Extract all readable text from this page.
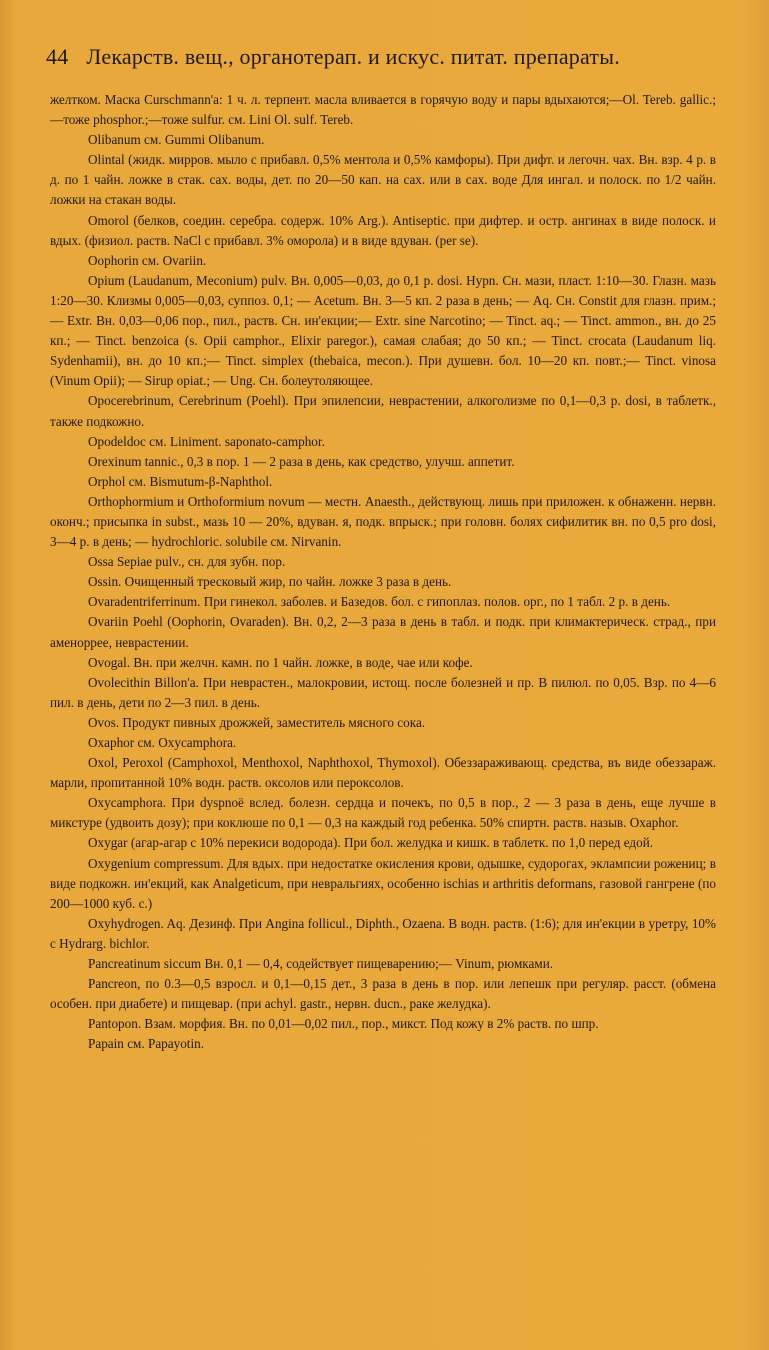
44 Лекарств. вещ., органотерап. и искус. питат. препараты.

желтком. Маска Curschmann'a: 1 ч. л. терпент. масла вливается в горячую воду и пары вдыхаются;—Ol. Tereb. gallic.;—тоже phosphor.;—тоже sulfur. см. Lini Ol. sulf. Tereb.

Olibanum см. Gummi Olibanum.

Olintal (жидк. мирров. мыло с прибавл. 0,5% ментола и 0,5% камфоры). При дифт. и легочн. чах. Вн. взр. 4 р. в д. по 1 чайн. ложке в стак. сах. воды, дет. по 20—50 кап. на сах. или в сах. воде Для ингал. и полоск. по 1/2 чайн. ложки на стакан воды.

Omorol (белков, соедин. серебра. содерж. 10% Arg.). Antiseptic. при дифтер. и остр. ангинах в виде полоск. и вдых. (физиол. раств. NaCl с прибавл. 3% оморола) и в виде вдуван. (per se).

Oophorin см. Ovariin.

Opium (Laudanum, Meconium) pulv. Вн. 0,005—0,03, до 0,1 р. dosi. Hypn. Сн. мази, пласт. 1:10—30. Глазн. мазь 1:20—30. Клизмы 0,005—0,03, суппоз. 0,1; — Acetum. Вн. 3—5 кп. 2 раза в день; — Aq. Сн. Constit для глазн. прим.; — Extr. Вн. 0,03—0,06 пор., пил., раств. Сн. ин'екции;— Extr. sine Narcotino; — Tinct. aq.; — Tinct. ammon., вн. до 25 кп.; — Tinct. benzoica (s. Opii camphor., Elixir paregor.), самая слабая; до 50 кп.; — Tinct. crocata (Laudanum liq. Sydenhamii), вн. до 10 кп.;— Tinct. simplex (thebaica, mecon.). При душевн. бол. 10—20 кп. повт.;— Tinct. vinosa (Vinum Opii); — Sirup opiat.; — Ung. Сн. болеутоляющее.

Opocerebrinum, Cerebrinum (Poehl). При эпилепсии, неврастении, алкоголизме по 0,1—0,3 р. dosi, в таблетк., также подкожно.

Opodeldoc см. Liniment. saponato-camphor.

Orexinum tannic., 0,3 в пор. 1 — 2 раза в день, как средство, улучш. аппетит.

Orphol см. Bismutum-β-Naphthol.

Orthophormium и Orthoformium novum — местн. Anaesth., действующ. лишь при приложен. к обнаженн. нервн. оконч.; присыпка in subst., мазь 10 — 20%, вдуван. я, подк. впрыск.; при головн. болях сифилитик вн. по 0,5 pro dosi, 3—4 р. в день; — hydrochloric. solubile см. Nirvanin.

Ossa Sepiae pulv., сн. для зубн. пор.

Ossin. Очищенный тресковый жир, по чайн. ложке 3 раза в день.

Ovaradentriferrinum. При гинекол. заболев. и Базедов. бол. с гипоплаз. полов. орг., по 1 табл. 2 р. в день.

Ovariin Poehl (Oophorin, Ovaraden). Вн. 0,2, 2—3 раза в день в табл. и подк. при климактерическ. страд., при аменоррее, неврастении.

Ovogal. Вн. при желчн. камн. по 1 чайн. ложке, в воде, чае или кофе.

Ovolecithin Billon'a. При неврастен., малокровии, истощ. после болезней и пр. В пилюл. по 0,05. Взр. по 4—6 пил. в день, дети по 2—3 пил. в день.

Ovos. Продукт пивных дрожжей, заместитель мясного сока.

Oxaphor см. Oxycamphora.

Oxol, Peroxol (Camphoxol, Menthoxol, Naphthoxol, Thymoxol). Обеззараживающ. средства, въ виде обеззараж. марли, пропитанной 10% водн. раств. оксолов или пероксолов.

Oxycamphora. При dyspnoë вслед. болезн. сердца и почекъ, по 0,5 в пор., 2 — 3 раза в день, еще лучше в микстуре (удвоить дозу); при коклюше по 0,1 — 0,3 на каждый год ребенка. 50% спиртн. раств. назыв. Oxaphor.

Oxygar (агар-агар с 10% перекиси водорода). При бол. желудка и кишк. в таблетк. по 1,0 перед едой.

Oxygenium compressum. Для вдых. при недостатке окисления крови, одышке, судорогах, эклампсии рожениц; в виде подкожн. ин'екций, как Analgeticum, при невральгиях, особенно ischias и arthritis deformans, газовой гангрене (по 200—1000 куб. с.)

Oxyhydrogen. Aq. Дезинф. При Angina follicul., Diphth., Ozaena. В водн. раств. (1:6); для ин'екции в уретру, 10% с Hydrarg. bichlor.

Pancreatinum siccum Вн. 0,1 — 0,4, содействует пищеварению;— Vinum, рюмками.

Pancreon, по 0.3—0,5 взросл. и 0,1—0,15 дет., 3 раза в день в пор. или лепешк при регуляр. расст. (обмена особен. при диабете) и пищевар. (при achyl. gastr., нервн. ducn., раке желудка).

Pantopon. Взам. морфия. Вн. по 0,01—0,02 пил., пор., микст. Под кожу в 2% раств. по шпр.

Papain см. Papayotin.
